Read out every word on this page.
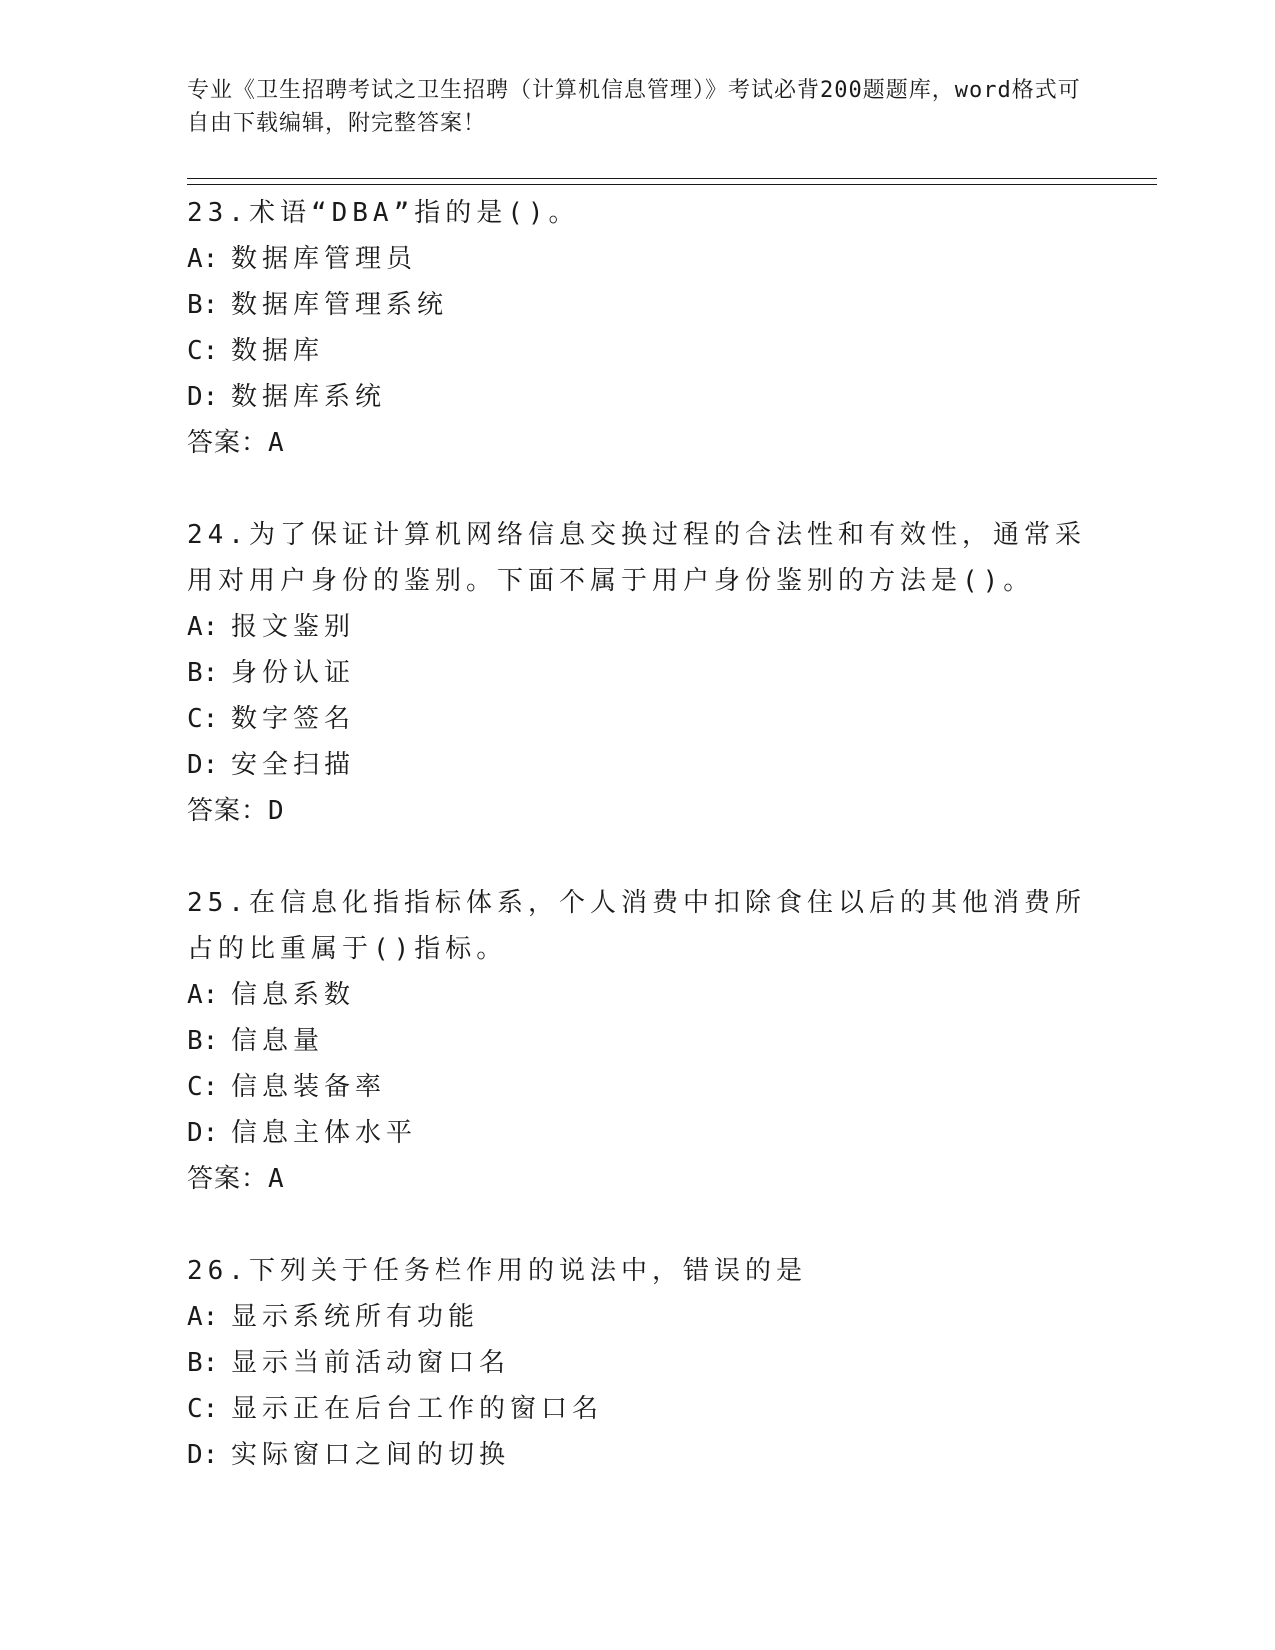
专业《卫生招聘考试之卫生招聘（计算机信息管理）》考试必背200题题库，word格式可自由下载编辑，附完整答案！

23.术语“DBA”指的是()。

A: 数据库管理员

B: 数据库管理系统

C: 数据库

D: 数据库系统

答案：A

24.为了保证计算机网络信息交换过程的合法性和有效性，通常采用对用户身份的鉴别。下面不属于用户身份鉴别的方法是()。

A: 报文鉴别

B: 身份认证

C: 数字签名

D: 安全扫描

答案：D

25.在信息化指指标体系，个人消费中扣除食住以后的其他消费所占的比重属于()指标。

A: 信息系数

B: 信息量

C: 信息装备率

D: 信息主体水平

答案：A

26.下列关于任务栏作用的说法中，错误的是

A: 显示系统所有功能

B: 显示当前活动窗口名

C: 显示正在后台工作的窗口名

D: 实际窗口之间的切换
